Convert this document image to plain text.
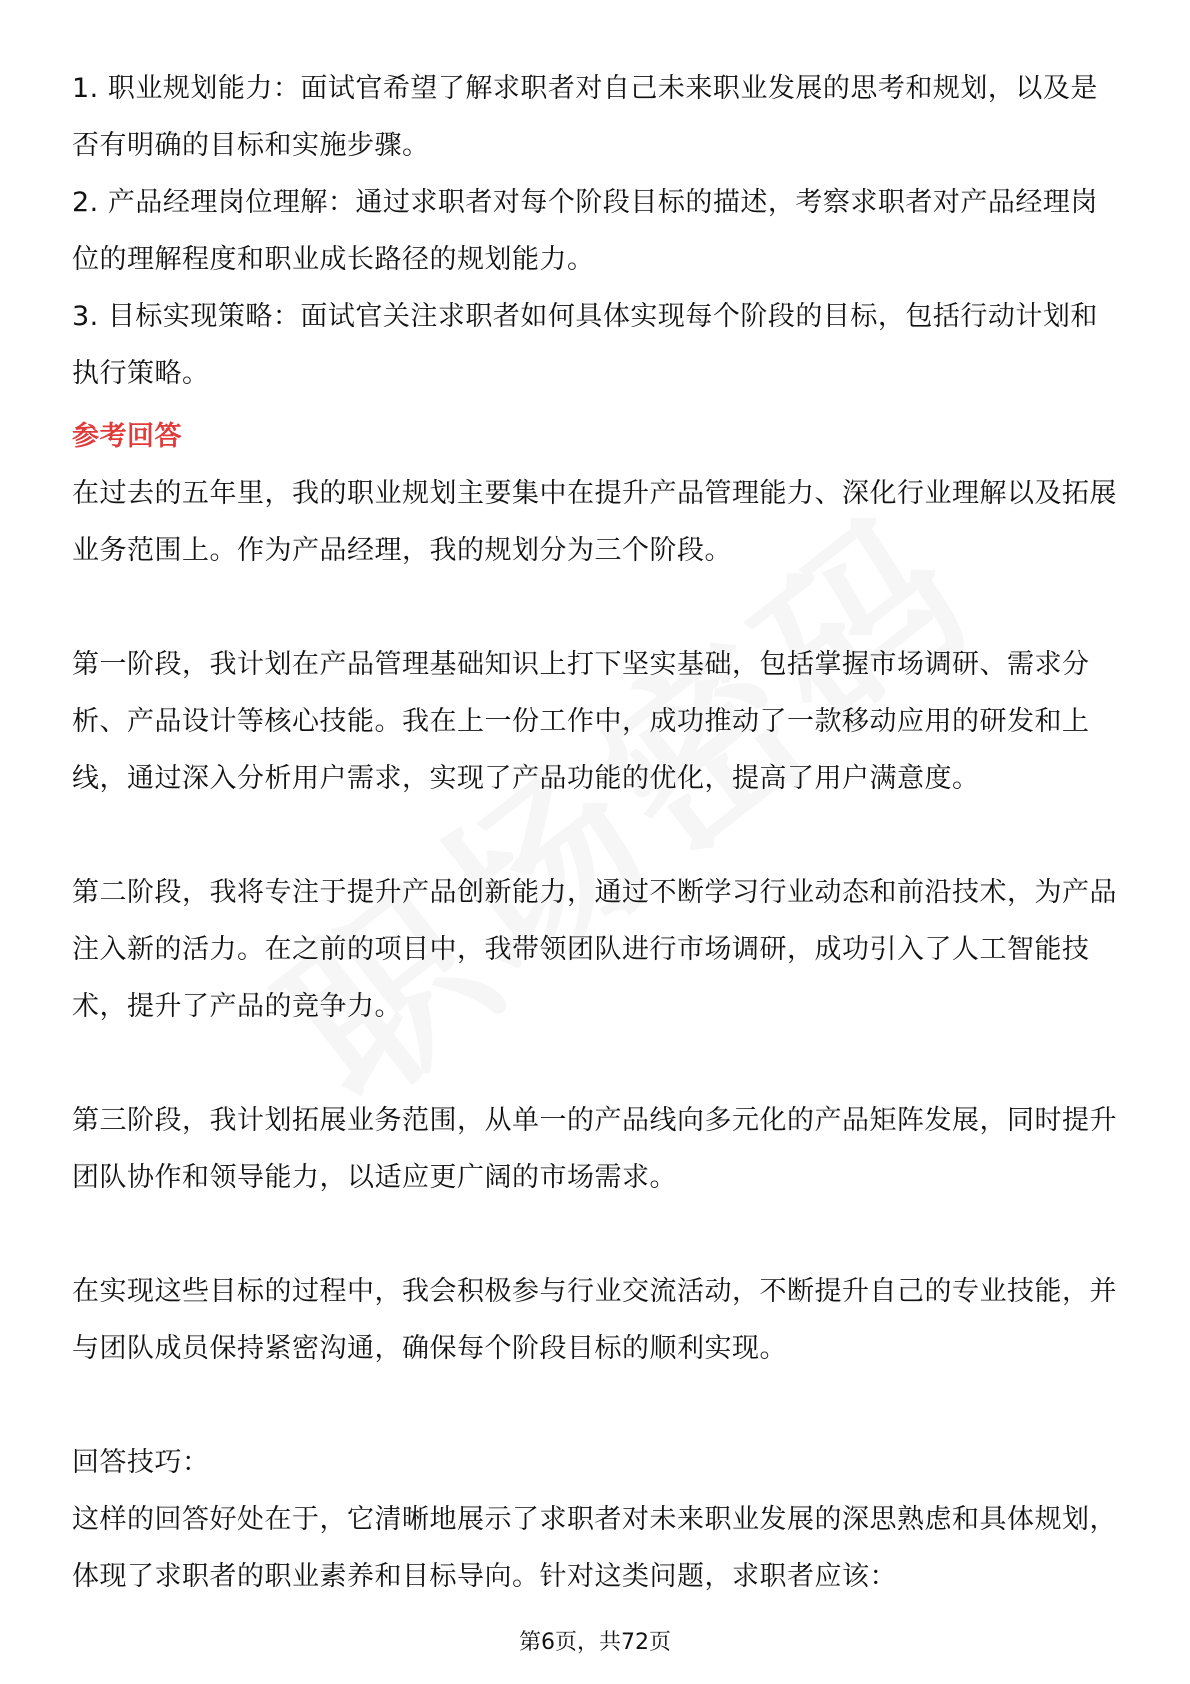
1. 职业规划能力：面试官希望了解求职者对自己未来职业发展的思考和规划，以及是否有明确的目标和实施步骤。

2. 产品经理岗位理解：通过求职者对每个阶段目标的描述，考察求职者对产品经理岗位的理解程度和职业成长路径的规划能力。

3. 目标实现策略：面试官关注求职者如何具体实现每个阶段的目标，包括行动计划和执行策略。

参考回答

在过去的五年里，我的职业规划主要集中在提升产品管理能力、深化行业理解以及拓展业务范围上。作为产品经理，我的规划分为三个阶段。

第一阶段，我计划在产品管理基础知识上打下坚实基础，包括掌握市场调研、需求分析、产品设计等核心技能。我在上一份工作中，成功推动了一款移动应用的研发和上线，通过深入分析用户需求，实现了产品功能的优化，提高了用户满意度。

第二阶段，我将专注于提升产品创新能力，通过不断学习行业动态和前沿技术，为产品注入新的活力。在之前的项目中，我带领团队进行市场调研，成功引入了人工智能技术，提升了产品的竞争力。

第三阶段，我计划拓展业务范围，从单一的产品线向多元化的产品矩阵发展，同时提升团队协作和领导能力，以适应更广阔的市场需求。

在实现这些目标的过程中，我会积极参与行业交流活动，不断提升自己的专业技能，并与团队成员保持紧密沟通，确保每个阶段目标的顺利实现。

回答技巧：

这样的回答好处在于，它清晰地展示了求职者对未来职业发展的深思熟虑和具体规划，体现了求职者的职业素养和目标导向。针对这类问题，求职者应该：

第6页，共72页
